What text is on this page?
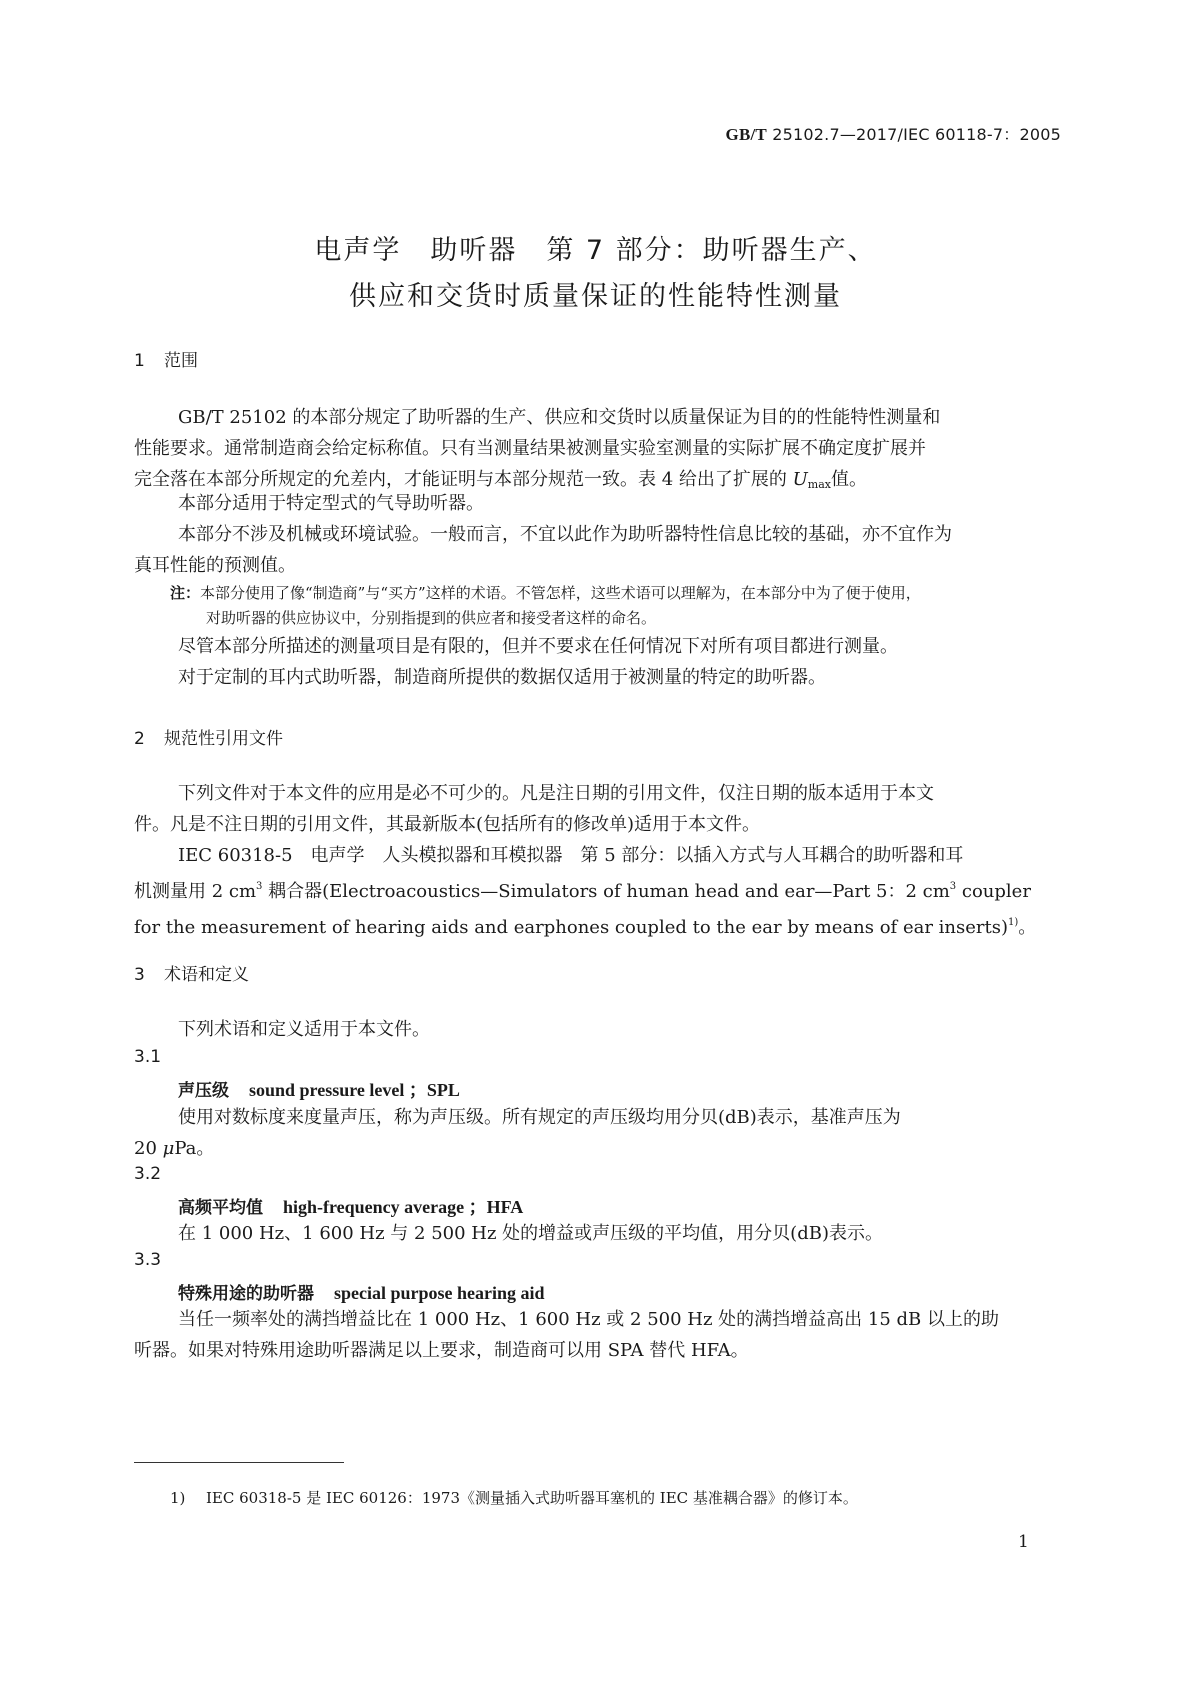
GB/T 25102.7—2017/IEC 60118-7：2005
电声学　助听器　第 7 部分：助听器生产、
供应和交货时质量保证的性能特性测量
1 范围
GB/T 25102 的本部分规定了助听器的生产、供应和交货时以质量保证为目的的性能特性测量和
性能要求。通常制造商会给定标称值。只有当测量结果被测量实验室测量的实际扩展不确定度扩展并
完全落在本部分所规定的允差内，才能证明与本部分规范一致。表 4 给出了扩展的 $U_{max}$值。
本部分适用于特定型式的气导助听器。
本部分不涉及机械或环境试验。一般而言，不宜以此作为助听器特性信息比较的基础，亦不宜作为
真耳性能的预测值。
注：本部分使用了像“制造商”与“买方”这样的术语。不管怎样，这些术语可以理解为，在本部分中为了便于使用，
对助听器的供应协议中，分别指提到的供应者和接受者这样的命名。
尽管本部分所描述的测量项目是有限的，但并不要求在任何情况下对所有项目都进行测量。
对于定制的耳内式助听器，制造商所提供的数据仅适用于被测量的特定的助听器。
2 规范性引用文件
下列文件对于本文件的应用是必不可少的。凡是注日期的引用文件，仅注日期的版本适用于本文
件。凡是不注日期的引用文件，其最新版本(包括所有的修改单)适用于本文件。
IEC 60318-5　电声学　人头模拟器和耳模拟器　第 5 部分：以插入方式与人耳耦合的助听器和耳
机测量用 2 $cm^3$ 耦合器(Electroacoustics—Simulators of human head and ear—Part 5：2 $cm^3$ coupler
for the measurement of hearing aids and earphones coupled to the ear by means of ear inserts)$^{1)}$。
3 术语和定义
下列术语和定义适用于本文件。
3.1
声压级 sound pressure level ；SPL
使用对数标度来度量声压，称为声压级。所有规定的声压级均用分贝(dB)表示，基准声压为
20 μPa。
3.2
高频平均值 high-frequency average ；HFA
在 1 000 Hz、1 600 Hz 与 2 500 Hz 处的增益或声压级的平均值，用分贝(dB)表示。
3.3
特殊用途的助听器 special purpose hearing aid
当任一频率处的满挡增益比在 1 000 Hz、1 600 Hz 或 2 500 Hz 处的满挡增益高出 15 dB 以上的助
听器。如果对特殊用途助听器满足以上要求，制造商可以用 SPA 替代 HFA。
1) IEC 60318-5 是 IEC 60126：1973《测量插入式助听器耳塞机的 IEC 基准耦合器》的修订本。
1
